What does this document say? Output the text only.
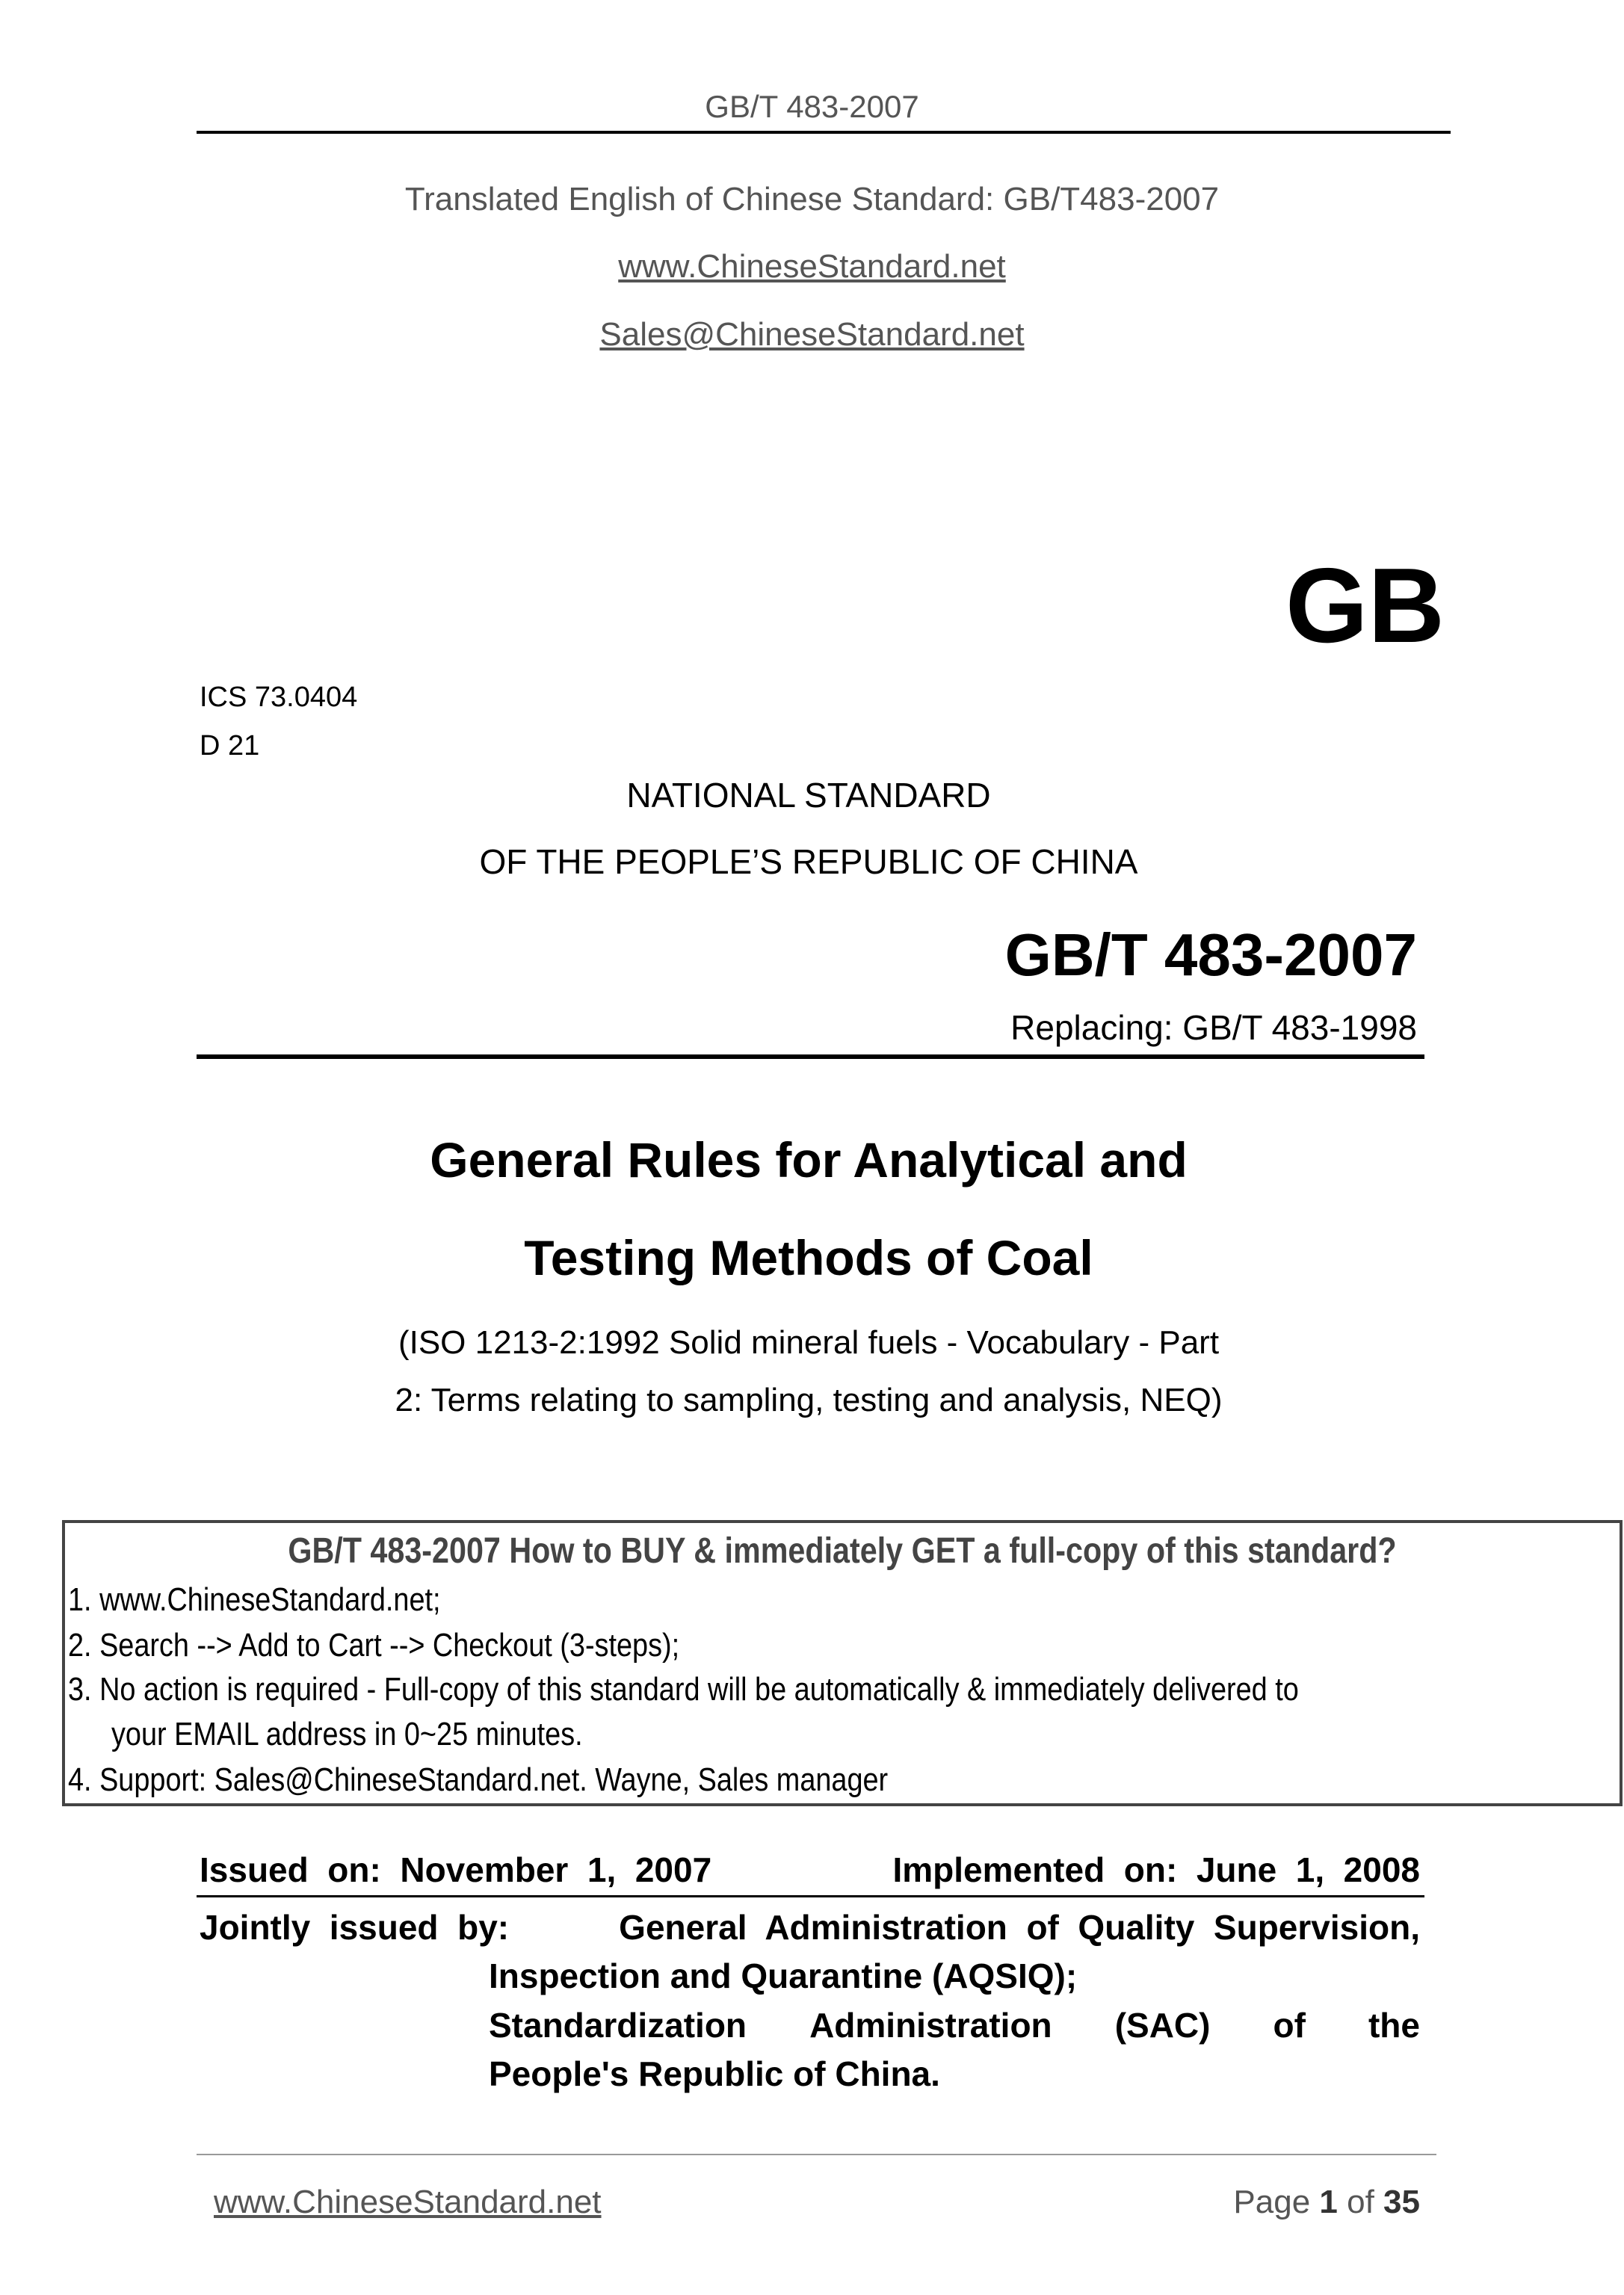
GB/T 483-2007
Translated English of Chinese Standard: GB/T483-2007
www.ChineseStandard.net
Sales@ChineseStandard.net
GB
ICS 73.0404
D 21
NATIONAL STANDARD
OF THE PEOPLE’S REPUBLIC OF CHINA
GB/T 483-2007
Replacing: GB/T 483-1998
General Rules for Analytical and
Testing Methods of Coal
(ISO 1213-2:1992 Solid mineral fuels - Vocabulary - Part
2: Terms relating to sampling, testing and analysis, NEQ)
GB/T 483-2007 How to BUY & immediately GET a full-copy of this standard?
1. www.ChineseStandard.net;
2. Search --> Add to Cart --> Checkout (3-steps);
3. No action is required - Full-copy of this standard will be automatically & immediately delivered to
your EMAIL address in 0~25 minutes.
4. Support: Sales@ChineseStandard.net. Wayne, Sales manager
Issued  on:  November  1,  2007	Implemented  on:  June  1,  2008
Jointly  issued  by:	General  Administration  of  Quality  Supervision,
Inspection and Quarantine (AQSIQ);
Standardization Administration (SAC) of the
People's Republic of China.
www.ChineseStandard.net	Page 1 of 35
